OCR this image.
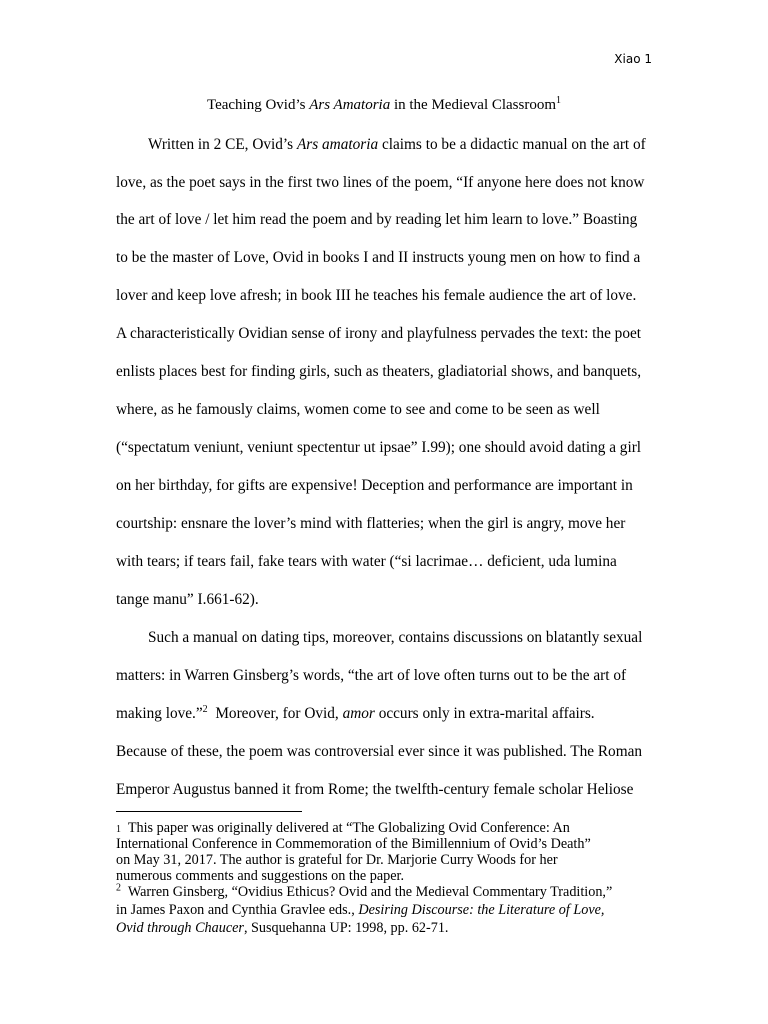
Xiao 1
Teaching Ovid’s Ars Amatoria in the Medieval Classroom$^1$
Written in 2 CE, Ovid’s Ars amatoria claims to be a didactic manual on the art of
love, as the poet says in the first two lines of the poem, “If anyone here does not know
the art of love / let him read the poem and by reading let him learn to love.” Boasting
to be the master of Love, Ovid in books I and II instructs young men on how to find a
lover and keep love afresh; in book III he teaches his female audience the art of love.
A characteristically Ovidian sense of irony and playfulness pervades the text: the poet
enlists places best for finding girls, such as theaters, gladiatorial shows, and banquets,
where, as he famously claims, women come to see and come to be seen as well
(“spectatum veniunt, veniunt spectentur ut ipsae” I.99); one should avoid dating a girl
on her birthday, for gifts are expensive! Deception and performance are important in
courtship: ensnare the lover’s mind with flatteries; when the girl is angry, move her
with tears; if tears fail, fake tears with water (“si lacrimae… deficient, uda lumina
tange manu” I.661-62).
Such a manual on dating tips, moreover, contains discussions on blatantly sexual
matters: in Warren Ginsberg’s words, “the art of love often turns out to be the art of
making love.”$^2$  Moreover, for Ovid, amor occurs only in extra-marital affairs.
Because of these, the poem was controversial ever since it was published. The Roman
Emperor Augustus banned it from Rome; the twelfth-century female scholar Heliose
1 This paper was originally delivered at “The Globalizing Ovid Conference: An
International Conference in Commemoration of the Bimillennium of Ovid’s Death”
on May 31, 2017. The author is grateful for Dr. Marjorie Curry Woods for her
numerous comments and suggestions on the paper.
$^2$ Warren Ginsberg, “Ovidius Ethicus? Ovid and the Medieval Commentary Tradition,”
in James Paxon and Cynthia Gravlee eds., Desiring Discourse: the Literature of Love,
Ovid through Chaucer, Susquehanna UP: 1998, pp. 62-71.
